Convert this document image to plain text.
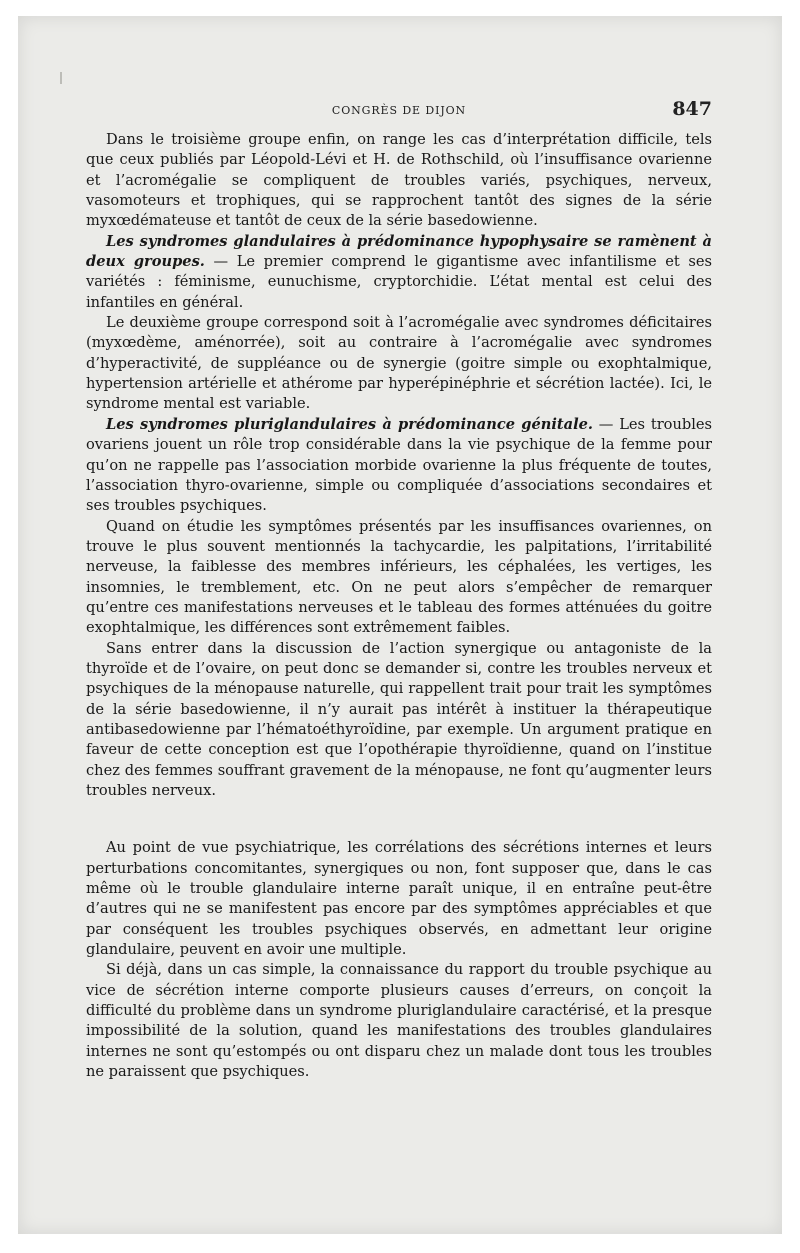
CONGRÈS DE DIJON	847

Dans le troisième groupe enfin, on range les cas d’interprétation difficile, tels que ceux publiés par Léopold-Lévi et H. de Rothschild, où l’insuffisance ovarienne et l’acromégalie se compliquent de troubles variés, psychiques, nerveux, vasomoteurs et trophiques, qui se rapprochent tantôt des signes de la série myxœdémateuse et tantôt de ceux de la série basedowienne.

Les syndromes glandulaires à prédominance hypophysaire se ramènent à deux groupes. — Le premier comprend le gigantisme avec infantilisme et ses variétés : féminisme, eunuchisme, cryptorchidie. L’état mental est celui des infantiles en général.

Le deuxième groupe correspond soit à l’acromégalie avec syndromes déficitaires (myxœdème, aménorrée), soit au contraire à l’acromégalie avec syndromes d’hyperactivité, de suppléance ou de synergie (goitre simple ou exophtalmique, hypertension artérielle et athérome par hyperépinéphrie et sécrétion lactée). Ici, le syndrome mental est variable.

Les syndromes pluriglandulaires à prédominance génitale. — Les troubles ovariens jouent un rôle trop considérable dans la vie psychique de la femme pour qu’on ne rappelle pas l’association morbide ovarienne la plus fréquente de toutes, l’association thyro-ovarienne, simple ou compliquée d’associations secondaires et ses troubles psychiques.

Quand on étudie les symptômes présentés par les insuffisances ovariennes, on trouve le plus souvent mentionnés la tachycardie, les palpitations, l’irritabilité nerveuse, la faiblesse des membres inférieurs, les céphalées, les vertiges, les insomnies, le tremblement, etc. On ne peut alors s’empêcher de remarquer qu’entre ces manifestations nerveuses et le tableau des formes atténuées du goitre exophtalmique, les différences sont extrêmement faibles.

Sans entrer dans la discussion de l’action synergique ou antagoniste de la thyroïde et de l’ovaire, on peut donc se demander si, contre les troubles nerveux et psychiques de la ménopause naturelle, qui rappellent trait pour trait les symptômes de la série basedowienne, il n’y aurait pas intérêt à instituer la thérapeutique antibasedowienne par l’hématoéthyroïdine, par exemple. Un argument pratique en faveur de cette conception est que l’opothérapie thyroïdienne, quand on l’institue chez des femmes souffrant gravement de la ménopause, ne font qu’augmenter leurs troubles nerveux.

Au point de vue psychiatrique, les corrélations des sécrétions internes et leurs perturbations concomitantes, synergiques ou non, font supposer que, dans le cas même où le trouble glandulaire interne paraît unique, il en entraîne peut-être d’autres qui ne se manifestent pas encore par des symptômes appréciables et que par conséquent les troubles psychiques observés, en admettant leur origine glandulaire, peuvent en avoir une multiple.

Si déjà, dans un cas simple, la connaissance du rapport du trouble psychique au vice de sécrétion interne comporte plusieurs causes d’erreurs, on conçoit la difficulté du problème dans un syndrome pluriglandulaire caractérisé, et la presque impossibilité de la solution, quand les manifestations des troubles glandulaires internes ne sont qu’estompés ou ont disparu chez un malade dont tous les troubles ne paraissent que psychiques.
